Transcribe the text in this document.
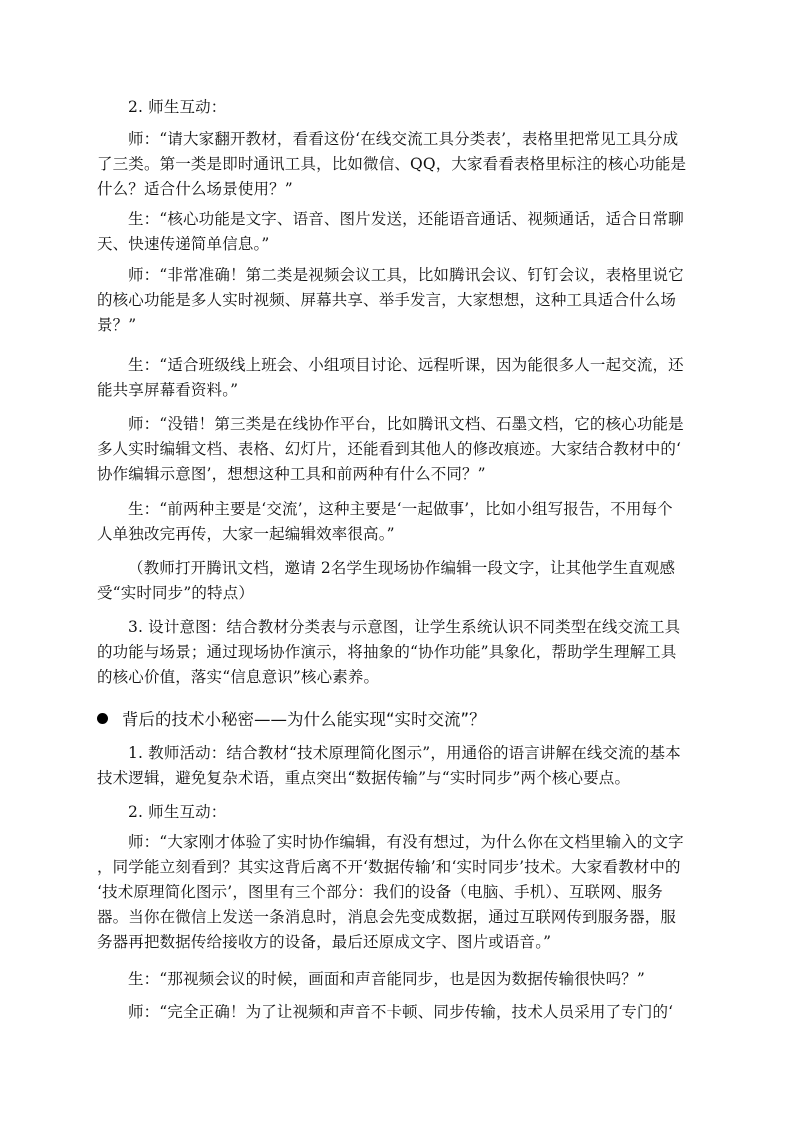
2. 师生互动：
师：“请大家翻开教材，看看这份‘在线交流工具分类表’，表格里把常见工具分成
了三类。第一类是即时通讯工具，比如微信、QQ，大家看看表格里标注的核心功能是
什么？适合什么场景使用？”
生：“核心功能是文字、语音、图片发送，还能语音通话、视频通话，适合日常聊
天、快速传递简单信息。”
师：“非常准确！第二类是视频会议工具，比如腾讯会议、钉钉会议，表格里说它
的核心功能是多人实时视频、屏幕共享、举手发言，大家想想，这种工具适合什么场
景？”
生：“适合班级线上班会、小组项目讨论、远程听课，因为能很多人一起交流，还
能共享屏幕看资料。”
师：“没错！第三类是在线协作平台，比如腾讯文档、石墨文档，它的核心功能是
多人实时编辑文档、表格、幻灯片，还能看到其他人的修改痕迹。大家结合教材中的‘
协作编辑示意图’，想想这种工具和前两种有什么不同？”
生：“前两种主要是‘交流’，这种主要是‘一起做事’，比如小组写报告，不用每个
人单独改完再传，大家一起编辑效率很高。”
（教师打开腾讯文档，邀请 2名学生现场协作编辑一段文字，让其他学生直观感
受“实时同步”的特点）
3. 设计意图：结合教材分类表与示意图，让学生系统认识不同类型在线交流工具
的功能与场景；通过现场协作演示，将抽象的“协作功能”具象化，帮助学生理解工具
的核心价值，落实“信息意识”核心素养。
背后的技术小秘密——为什么能实现“实时交流”？
1. 教师活动：结合教材“技术原理简化图示”，用通俗的语言讲解在线交流的基本
技术逻辑，避免复杂术语，重点突出“数据传输”与“实时同步”两个核心要点。
2. 师生互动：
师：“大家刚才体验了实时协作编辑，有没有想过，为什么你在文档里输入的文字
，同学能立刻看到？其实这背后离不开‘数据传输’和‘实时同步’技术。大家看教材中的
‘技术原理简化图示’，图里有三个部分：我们的设备（电脑、手机）、互联网、服务
器。当你在微信上发送一条消息时，消息会先变成数据，通过互联网传到服务器，服
务器再把数据传给接收方的设备，最后还原成文字、图片或语音。”
生：“那视频会议的时候，画面和声音能同步，也是因为数据传输很快吗？”
师：“完全正确！为了让视频和声音不卡顿、同步传输，技术人员采用了专门的‘
